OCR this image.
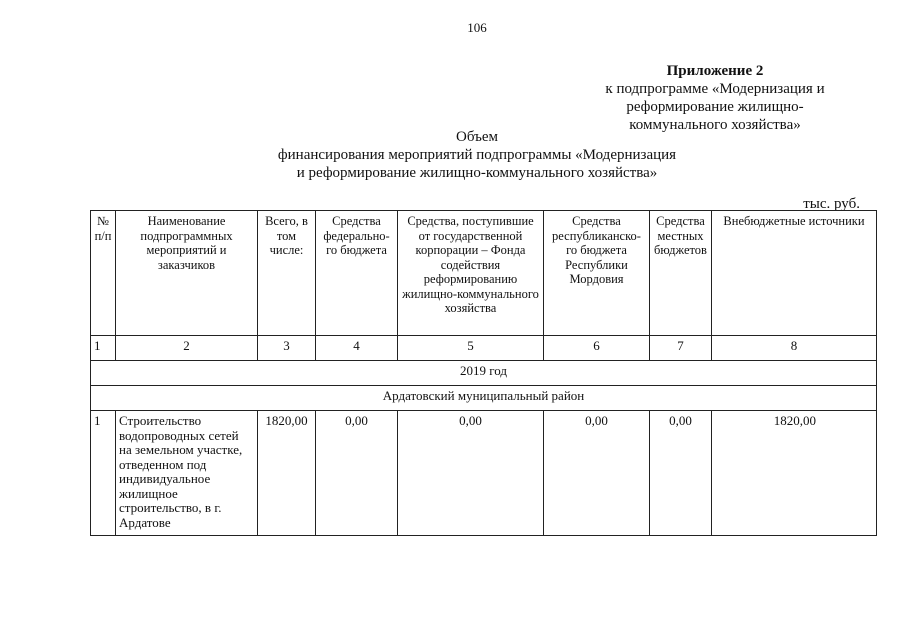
106
Приложение 2
к подпрограмме «Модернизация и
реформирование жилищно-
коммунального хозяйства»
Объем
финансирования мероприятий подпрограммы «Модернизация
и реформирование жилищно-коммунального хозяйства»
тыс. руб.
№ п/п	Наименование подпрограммных мероприятий и заказчиков	Всего, в том числе:	Средства федерально-го бюджета	Средства, поступившие от государственной корпорации – Фонда содействия реформированию жилищно-коммунального хозяйства	Средства республиканско-го бюджета Республики Мордовия	Средства местных бюджетов	Внебюджетные источники
1	2	3	4	5	6	7	8
2019 год							
Ардатовский муниципальный район							
1	Строительство водопроводных сетей на земельном участке, отведенном под индивидуальное жилищное строительство, в г. Ардатове	1820,00	0,00	0,00	0,00	0,00	1820,00
